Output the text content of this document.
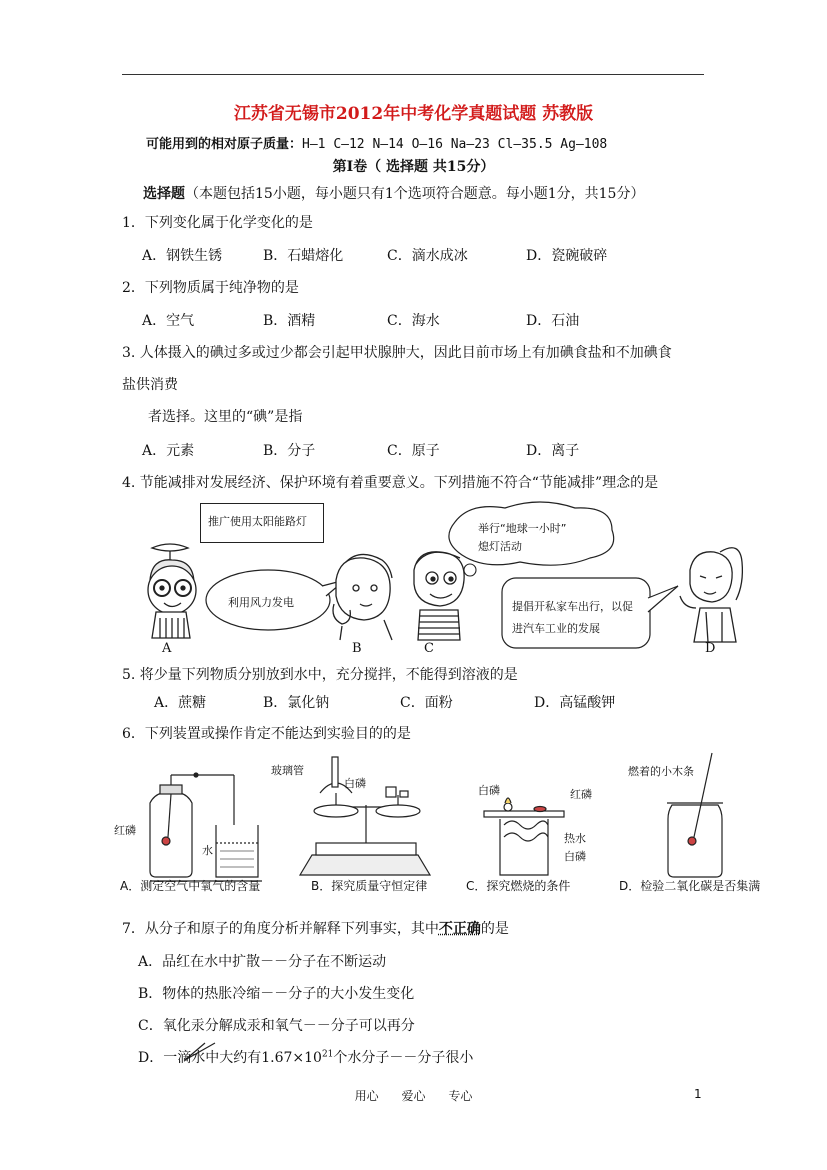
江苏省无锡市2012年中考化学真题试题 苏教版
可能用到的相对原子质量：H—1 C—12 N—14 O—16 Na—23 Cl—35.5 Ag—108
第Ⅰ卷（ 选择题 共15分）
选择题（本题包括15小题，每小题只有1个选项符合题意。每小题1分，共15分）
1．下列变化属于化学变化的是
A．钢铁生锈	B．石蜡熔化	C．滴水成冰	D．瓷碗破碎
2．下列物质属于纯净物的是
A．空气	B．酒精	C．海水	D．石油
3. 人体摄入的碘过多或过少都会引起甲状腺肿大，因此目前市场上有加碘食盐和不加碘食
盐供消费
者选择。这里的“碘”是指
A．元素	B．分子	C．原子	D．离子
4. 节能减排对发展经济、保护环境有着重要意义。下列措施不符合“节能减排”理念的是
推广使用太阳能路灯
利用风力发电
举行“地球一小时”
熄灯活动
提倡开私家车出行，以促
进汽车工业的发展
A	B	C	D
5. 将少量下列物质分别放到水中，充分搅拌，不能得到溶液的是
A．蔗糖	B．氯化钠	C．面粉	D．高锰酸钾
6．下列装置或操作肯定不能达到实验目的的是
玻璃管
白磷
红磷
水
白磷	红磷
热水
白磷
燃着的小木条
A．测定空气中氧气的含量	B．探究质量守恒定律	C．探究燃烧的条件	D．检验二氧化碳是否集满
7．从分子和原子的角度分析并解释下列事实，其中不正确的是
A．品红在水中扩散－－分子在不断运动
B．物体的热胀冷缩－－分子的大小发生变化
C．氧化汞分解成汞和氧气－－分子可以再分
D．一滴水中大约有$1.67\times 10^{21}$个水分子－－分子很小
用心      爱心      专心	1
